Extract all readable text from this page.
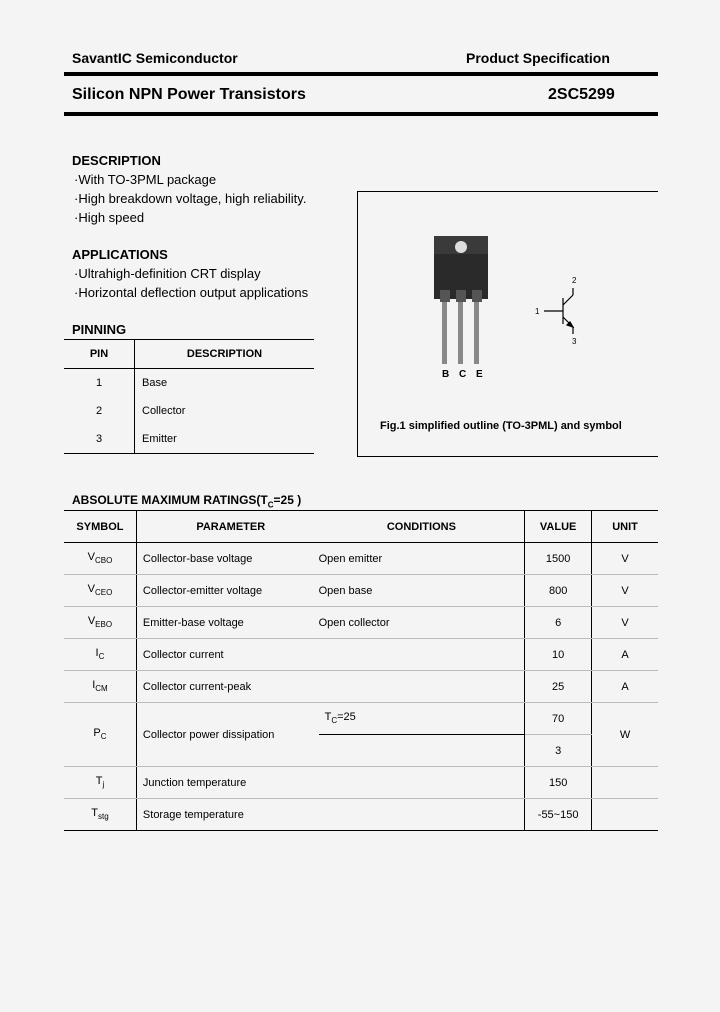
SavantIC Semiconductor	Product Specification
Silicon NPN Power Transistors	2SC5299
DESCRIPTION
·With TO-3PML package
·High breakdown voltage, high reliability.
·High speed
APPLICATIONS
·Ultrahigh-definition CRT display
·Horizontal deflection output applications
PINNING
PIN	DESCRIPTION
1	Base
2	Collector
3	Emitter
B C E
2
1
3
Fig.1 simplified outline (TO-3PML) and symbol
ABSOLUTE MAXIMUM $RATINGS(T_C=25$ )
SYMBOL	PARAMETER	CONDITIONS	VALUE	UNIT
$V_{CBO}$	Collector-base voltage	Open emitter	1500	V
$V_{CEO}$	Collector-emitter voltage	Open base	800	V
$V_{EBO}$	Emitter-base voltage	Open collector	6	V
$I_C$	Collector current		10	A
$I_{CM}$	Collector current-peak		25	A
$P_C$	Collector power dissipation	$T_C=25$	70	W
			3	
$T_j$	Junction temperature		150	
$T_{stg}$	Storage temperature		-55~150	
